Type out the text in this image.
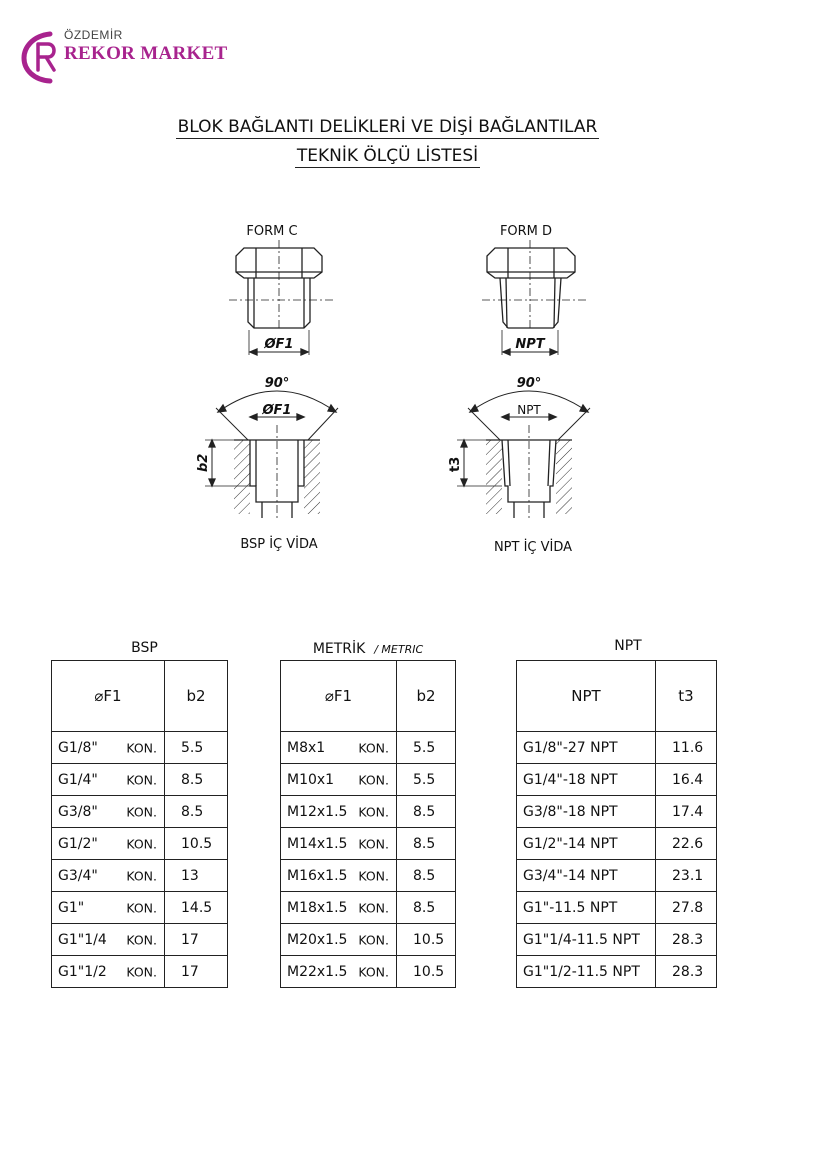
ÖZDEMİR
REKOR MARKET
BLOK BAĞLANTI DELİKLERİ VE DİŞİ BAĞLANTILAR
TEKNİK ÖLÇÜ LİSTESİ
FORM C
ØF1
FORM D
NPT
90°
ØF1
b2
BSP İÇ VİDA
90°
NPT
t3
NPT İÇ VİDA
BSP	METRİK / METRIC	NPT
⌀F1	b2
G1/8" KON.	5.5
G1/4" KON.	8.5
G3/8" KON.	8.5
G1/2" KON.	10.5
G3/4" KON.	13
G1" KON.	14.5
G1"1/4 KON.	17
G1"1/2 KON.	17
⌀F1	b2
M8x1 KON.	5.5
M10x1 KON.	5.5
M12x1.5 KON.	8.5
M14x1.5 KON.	8.5
M16x1.5 KON.	8.5
M18x1.5 KON.	8.5
M20x1.5 KON.	10.5
M22x1.5 KON.	10.5
NPT	t3
G1/8"-27 NPT	11.6
G1/4"-18 NPT	16.4
G3/8"-18 NPT	17.4
G1/2"-14 NPT	22.6
G3/4"-14 NPT	23.1
G1"-11.5 NPT	27.8
G1"1/4-11.5 NPT	28.3
G1"1/2-11.5 NPT	28.3
